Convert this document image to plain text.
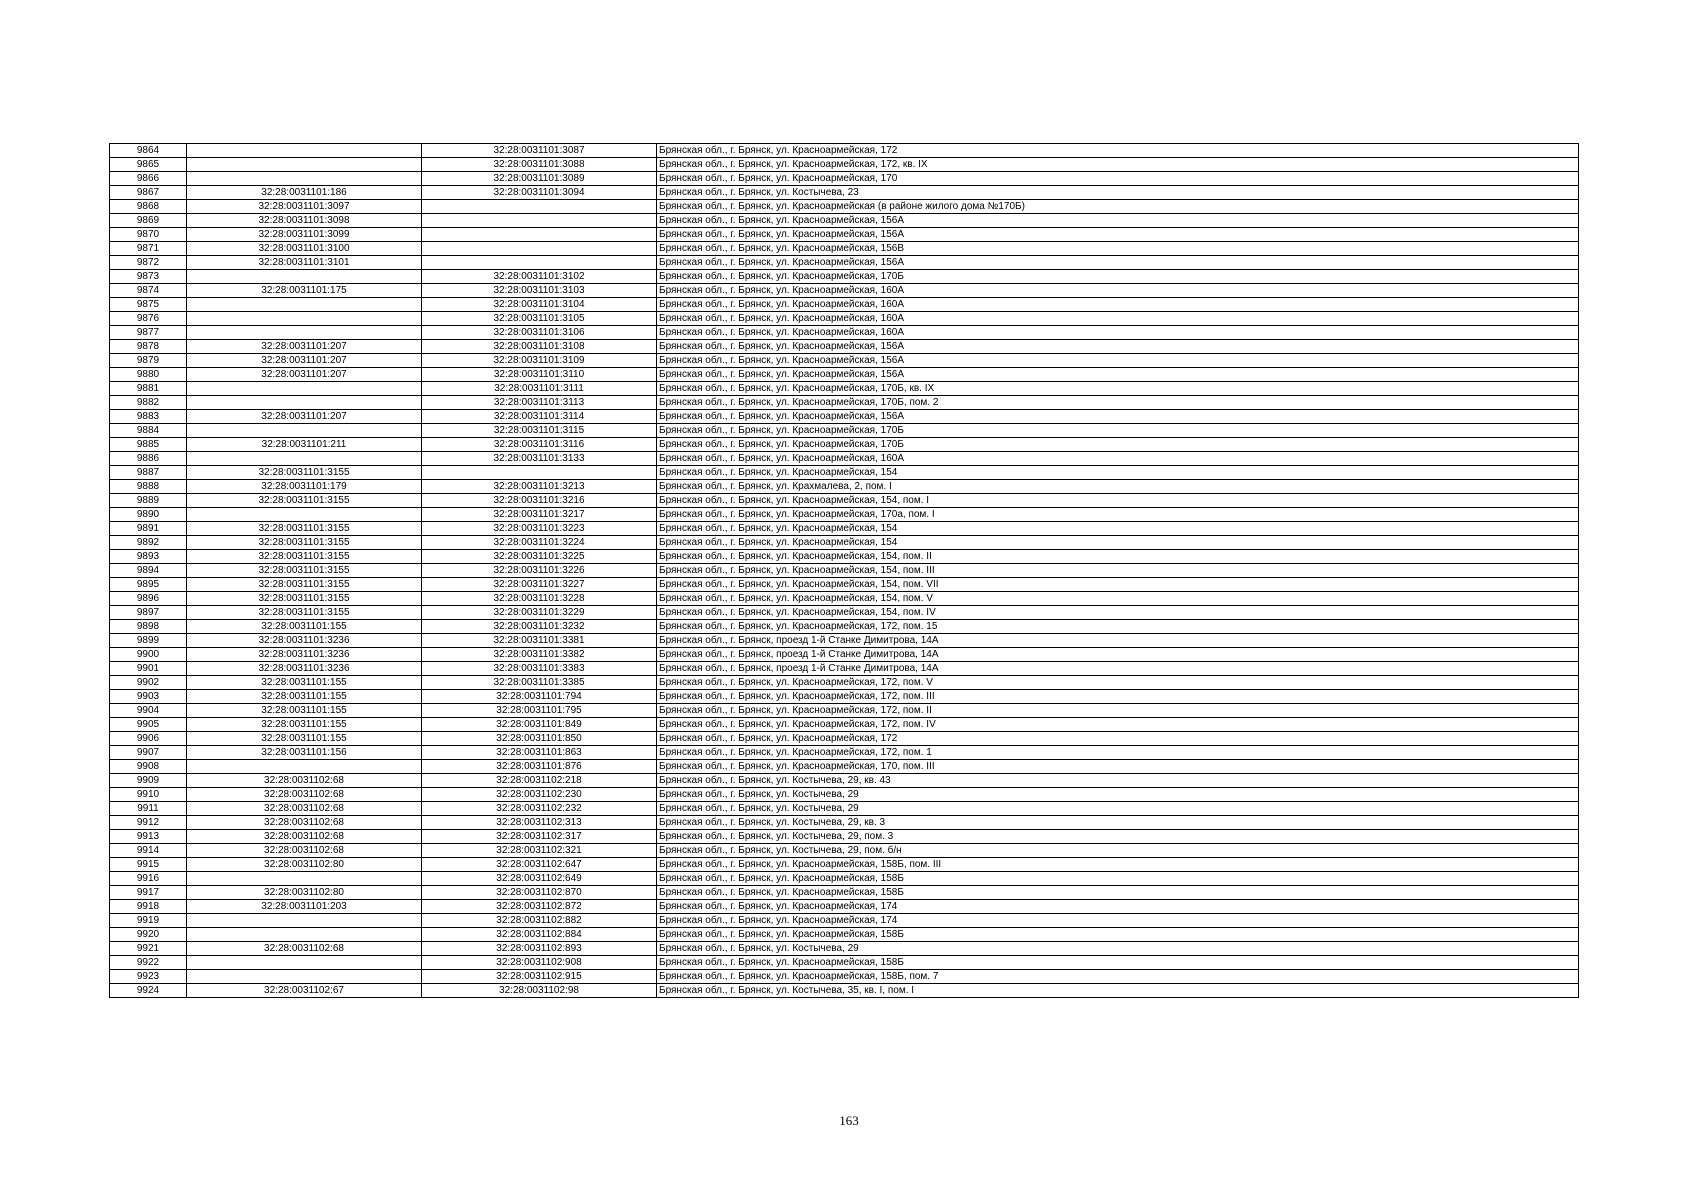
9864		32:28:0031101:3087	Брянская обл., г. Брянск, ул. Красноармейская, 172
9865		32:28:0031101:3088	Брянская обл., г. Брянск, ул. Красноармейская, 172, кв. IX
9866		32:28:0031101:3089	Брянская обл., г. Брянск, ул. Красноармейская, 170
9867	32:28:0031101:186	32:28:0031101:3094	Брянская обл., г. Брянск, ул. Костычева, 23
9868	32:28:0031101:3097		Брянская обл., г. Брянск, ул. Красноармейская (в районе жилого дома №170Б)
9869	32:28:0031101:3098		Брянская обл., г. Брянск, ул. Красноармейская, 156А
9870	32:28:0031101:3099		Брянская обл., г. Брянск, ул. Красноармейская, 156А
9871	32:28:0031101:3100		Брянская обл., г. Брянск, ул. Красноармейская, 156В
9872	32:28:0031101:3101		Брянская обл., г. Брянск, ул. Красноармейская, 156А
9873		32:28:0031101:3102	Брянская обл., г. Брянск, ул. Красноармейская, 170Б
9874	32:28:0031101:175	32:28:0031101:3103	Брянская обл., г. Брянск, ул. Красноармейская, 160А
9875		32:28:0031101:3104	Брянская обл., г. Брянск, ул. Красноармейская, 160А
9876		32:28:0031101:3105	Брянская обл., г. Брянск, ул. Красноармейская, 160А
9877		32:28:0031101:3106	Брянская обл., г. Брянск, ул. Красноармейская, 160А
9878	32:28:0031101:207	32:28:0031101:3108	Брянская обл., г. Брянск, ул. Красноармейская, 156А
9879	32:28:0031101:207	32:28:0031101:3109	Брянская обл., г. Брянск, ул. Красноармейская, 156А
9880	32:28:0031101:207	32:28:0031101:3110	Брянская обл., г. Брянск, ул. Красноармейская, 156А
9881		32:28:0031101:3111	Брянская обл., г. Брянск, ул. Красноармейская, 170Б, кв. IX
9882		32:28:0031101:3113	Брянская обл., г. Брянск, ул. Красноармейская, 170Б, пом. 2
9883	32:28:0031101:207	32:28:0031101:3114	Брянская обл., г. Брянск, ул. Красноармейская, 156А
9884		32:28:0031101:3115	Брянская обл., г. Брянск, ул. Красноармейская, 170Б
9885	32:28:0031101:211	32:28:0031101:3116	Брянская обл., г. Брянск, ул. Красноармейская, 170Б
9886		32:28:0031101:3133	Брянская обл., г. Брянск, ул. Красноармейская, 160А
9887	32:28:0031101:3155		Брянская обл., г. Брянск, ул. Красноармейская, 154
9888	32:28:0031101:179	32:28:0031101:3213	Брянская обл., г. Брянск, ул. Крахмалева, 2, пом. I
9889	32:28:0031101:3155	32:28:0031101:3216	Брянская обл., г. Брянск, ул. Красноармейская, 154, пом. I
9890		32:28:0031101:3217	Брянская обл., г. Брянск, ул. Красноармейская, 170а, пом. I
9891	32:28:0031101:3155	32:28:0031101:3223	Брянская обл., г. Брянск, ул. Красноармейская, 154
9892	32:28:0031101:3155	32:28:0031101:3224	Брянская обл., г. Брянск, ул. Красноармейская, 154
9893	32:28:0031101:3155	32:28:0031101:3225	Брянская обл., г. Брянск, ул. Красноармейская, 154, пом. II
9894	32:28:0031101:3155	32:28:0031101:3226	Брянская обл., г. Брянск, ул. Красноармейская, 154, пом. III
9895	32:28:0031101:3155	32:28:0031101:3227	Брянская обл., г. Брянск, ул. Красноармейская, 154, пом. VII
9896	32:28:0031101:3155	32:28:0031101:3228	Брянская обл., г. Брянск, ул. Красноармейская, 154, пом. V
9897	32:28:0031101:3155	32:28:0031101:3229	Брянская обл., г. Брянск, ул. Красноармейская, 154, пом. IV
9898	32:28:0031101:155	32:28:0031101:3232	Брянская обл., г. Брянск, ул. Красноармейская, 172, пом. 15
9899	32:28:0031101:3236	32:28:0031101:3381	Брянская обл., г. Брянск, проезд 1-й Станке Димитрова, 14А
9900	32:28:0031101:3236	32:28:0031101:3382	Брянская обл., г. Брянск, проезд 1-й Станке Димитрова, 14А
9901	32:28:0031101:3236	32:28:0031101:3383	Брянская обл., г. Брянск, проезд 1-й Станке Димитрова, 14А
9902	32:28:0031101:155	32:28:0031101:3385	Брянская обл., г. Брянск, ул. Красноармейская, 172, пом. V
9903	32:28:0031101:155	32:28:0031101:794	Брянская обл., г. Брянск, ул. Красноармейская, 172, пом. III
9904	32:28:0031101:155	32:28:0031101:795	Брянская обл., г. Брянск, ул. Красноармейская, 172, пом. II
9905	32:28:0031101:155	32:28:0031101:849	Брянская обл., г. Брянск, ул. Красноармейская, 172, пом. IV
9906	32:28:0031101:155	32:28:0031101:850	Брянская обл., г. Брянск, ул. Красноармейская, 172
9907	32:28:0031101:156	32:28:0031101:863	Брянская обл., г. Брянск, ул. Красноармейская, 172, пом. 1
9908		32:28:0031101:876	Брянская обл., г. Брянск, ул. Красноармейская, 170, пом. III
9909	32:28:0031102:68	32:28:0031102:218	Брянская обл., г. Брянск, ул. Костычева, 29, кв. 43
9910	32:28:0031102:68	32:28:0031102:230	Брянская обл., г. Брянск, ул. Костычева, 29
9911	32:28:0031102:68	32:28:0031102:232	Брянская обл., г. Брянск, ул. Костычева, 29
9912	32:28:0031102:68	32:28:0031102:313	Брянская обл., г. Брянск, ул. Костычева, 29, кв. 3
9913	32:28:0031102:68	32:28:0031102:317	Брянская обл., г. Брянск, ул. Костычева, 29, пом. 3
9914	32:28:0031102:68	32:28:0031102:321	Брянская обл., г. Брянск, ул. Костычева, 29, пом. б/н
9915	32:28:0031102:80	32:28:0031102:647	Брянская обл., г. Брянск, ул. Красноармейская, 158Б, пом. III
9916		32:28:0031102:649	Брянская обл., г. Брянск, ул. Красноармейская, 158Б
9917	32:28:0031102:80	32:28:0031102:870	Брянская обл., г. Брянск, ул. Красноармейская, 158Б
9918	32:28:0031101:203	32:28:0031102:872	Брянская обл., г. Брянск, ул. Красноармейская, 174
9919		32:28:0031102:882	Брянская обл., г. Брянск, ул. Красноармейская, 174
9920		32:28:0031102:884	Брянская обл., г. Брянск, ул. Красноармейская, 158Б
9921	32:28:0031102:68	32:28:0031102:893	Брянская обл., г. Брянск, ул. Костычева, 29
9922		32:28:0031102:908	Брянская обл., г. Брянск, ул. Красноармейская, 158Б
9923		32:28:0031102:915	Брянская обл., г. Брянск, ул. Красноармейская, 158Б, пом. 7
9924	32:28:0031102:67	32:28:0031102:98	Брянская обл., г. Брянск, ул. Костычева, 35, кв. I, пом. I
163
